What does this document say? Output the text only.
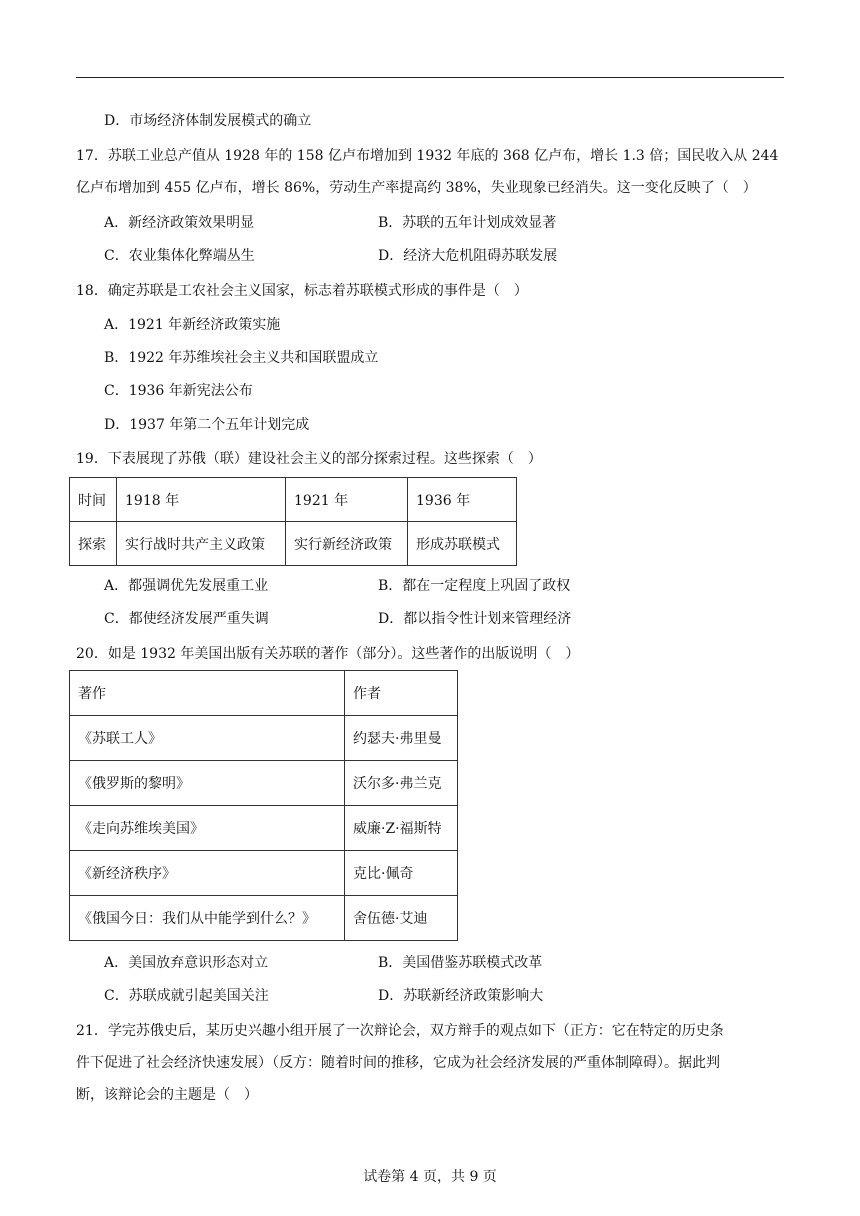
D．市场经济体制发展模式的确立
17．苏联工业总产值从 1928 年的 158 亿卢布增加到 1932 年底的 368 亿卢布，增长 1.3 倍；国民收入从 244
亿卢布增加到 455 亿卢布，增长 86%，劳动生产率提高约 38%，失业现象已经消失。这一变化反映了（　）
A．新经济政策效果明显	B．苏联的五年计划成效显著
C．农业集体化弊端丛生	D．经济大危机阻碍苏联发展
18．确定苏联是工农社会主义国家，标志着苏联模式形成的事件是（　）
A．1921 年新经济政策实施
B．1922 年苏维埃社会主义共和国联盟成立
C．1936 年新宪法公布
D．1937 年第二个五年计划完成
19．下表展现了苏俄（联）建设社会主义的部分探索过程。这些探索（　）
时间	1918 年	1921 年	1936 年
探索	实行战时共产主义政策	实行新经济政策	形成苏联模式
A．都强调优先发展重工业	B．都在一定程度上巩固了政权
C．都使经济发展严重失调	D．都以指令性计划来管理经济
20．如是 1932 年美国出版有关苏联的著作（部分）。这些著作的出版说明（　）
著作	作者
《苏联工人》	约瑟夫·弗里曼
《俄罗斯的黎明》	沃尔多·弗兰克
《走向苏维埃美国》	威廉·Z·福斯特
《新经济秩序》	克比·佩奇
《俄国今日：我们从中能学到什么？》	舍伍德·艾迪
A．美国放弃意识形态对立	B．美国借鉴苏联模式改革
C．苏联成就引起美国关注	D．苏联新经济政策影响大
21．学完苏俄史后，某历史兴趣小组开展了一次辩论会，双方辩手的观点如下（正方：它在特定的历史条
件下促进了社会经济快速发展）（反方：随着时间的推移，它成为社会经济发展的严重体制障碍）。据此判
断，该辩论会的主题是（　）
试卷第 4 页，共 9 页
